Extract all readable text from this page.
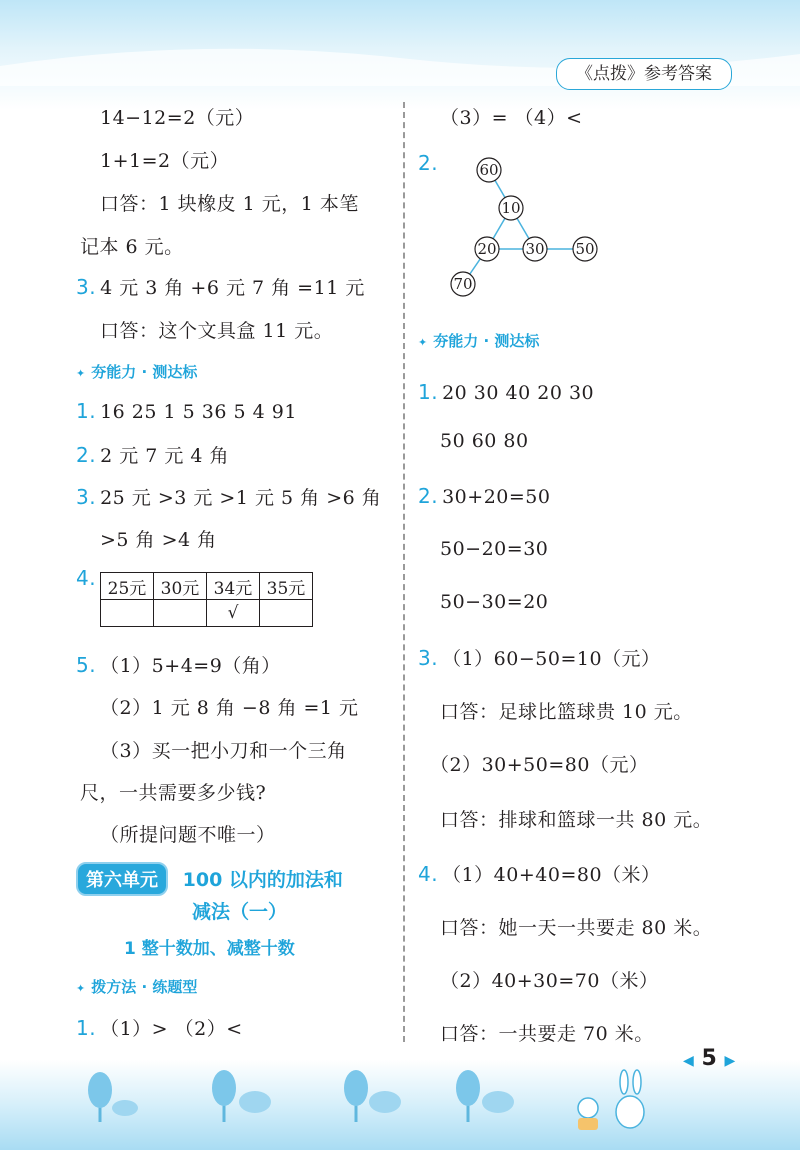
《点拨》参考答案
14−12=2（元）
1+1=2（元）
口答：1 块橡皮 1 元，1 本笔
记本 6 元。
3. 4 元 3 角 +6 元 7 角 =11 元
口答：这个文具盒 11 元。
✦ 夯能力 · 测达标
1. 16 25 1 5 36 5 4 91
2. 2 元 7 元 4 角
3. 25 元 >3 元 >1 元 5 角 >6 角
>5 角 >4 角
4. 25元	30元	34元	35元
		√	
5. （1）5+4=9（角）
（2）1 元 8 角 −8 角 =1 元
（3）买一把小刀和一个三角
尺，一共需要多少钱?
（所提问题不唯一）
第六单元 100 以内的加法和
减法（一）
1 整十数加、减整十数
✦ 拨方法 · 练题型
1. （1）> （2）<
（3）= （4）<
2.	60
10
20 30 50
70
✦ 夯能力 · 测达标
1. 20 30 40 20 30
50 60 80
2. 30+20=50
50−20=30
50−30=20
3. （1）60−50=10（元）
口答：足球比篮球贵 10 元。
（2）30+50=80（元）
口答：排球和篮球一共 80 元。
4. （1）40+40=80（米）
口答：她一天一共要走 80 米。
（2）40+30=70（米）
口答：一共要走 70 米。
◀ 5 ▶
